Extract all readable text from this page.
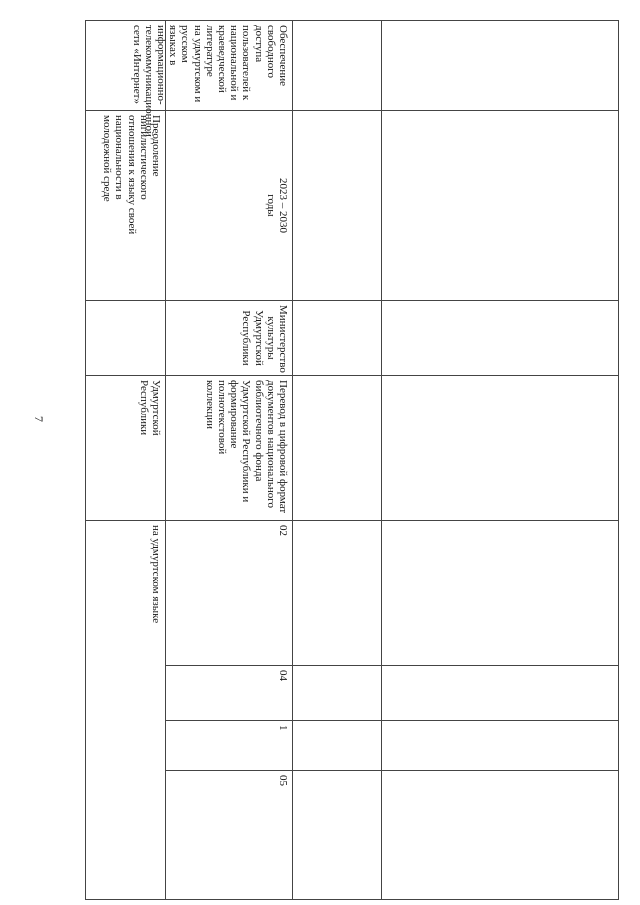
7
на удмуртском языке
Удмуртской
Республики
Преодоление
нигилистического
отношения к языку своей
национальности в
молодежной среде
05
1
04
02
Перевод в цифровой формат
документов национального
библиотечного фонда
Удмуртской Республики и
формирование полнотекстовой
коллекции
Министерство
культуры
Удмуртской
Республики
2023 – 2030
годы
Обеспечение свободного
доступа пользователей к
национальной и
краеведческой литературе
на удмуртском и русском
языках в информационно-
телекоммуникационной
сети «Интернет»
